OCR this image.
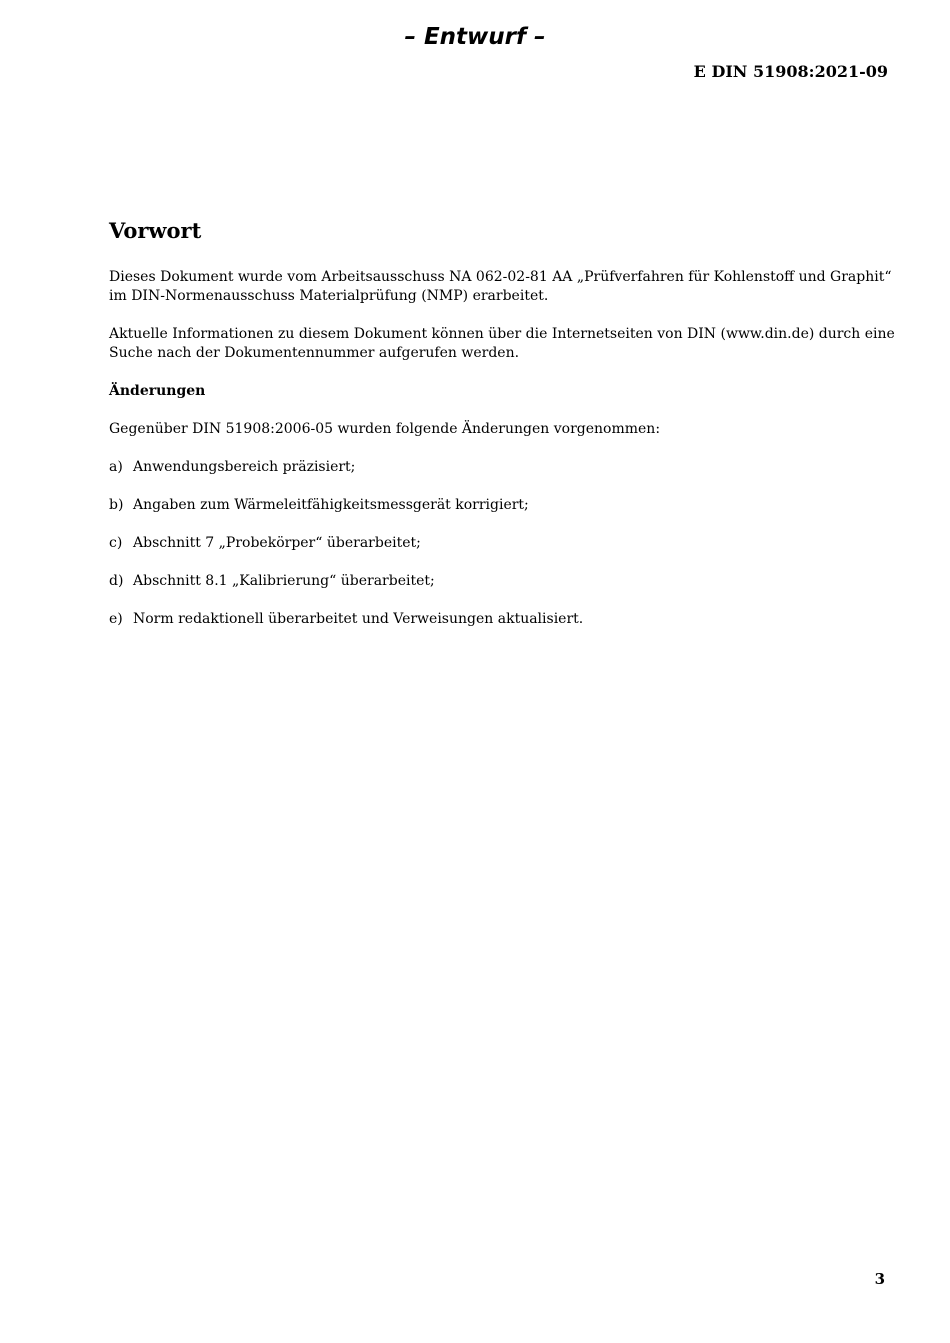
– Entwurf –
E DIN 51908:2021-09
Vorwort

Dieses Dokument wurde vom Arbeitsausschuss NA 062-02-81 AA „Prüfverfahren für Kohlenstoff und Graphit“ im DIN-Normenausschuss Materialprüfung (NMP) erarbeitet.

Aktuelle Informationen zu diesem Dokument können über die Internetseiten von DIN (www.din.de) durch eine Suche nach der Dokumentennummer aufgerufen werden.

Änderungen

Gegenüber DIN 51908:2006-05 wurden folgende Änderungen vorgenommen:

a) Anwendungsbereich präzisiert;
b) Angaben zum Wärmeleitfähigkeitsmessgerät korrigiert;
c) Abschnitt 7 „Probekörper“ überarbeitet;
d) Abschnitt 8.1 „Kalibrierung“ überarbeitet;
e) Norm redaktionell überarbeitet und Verweisungen aktualisiert.
3
